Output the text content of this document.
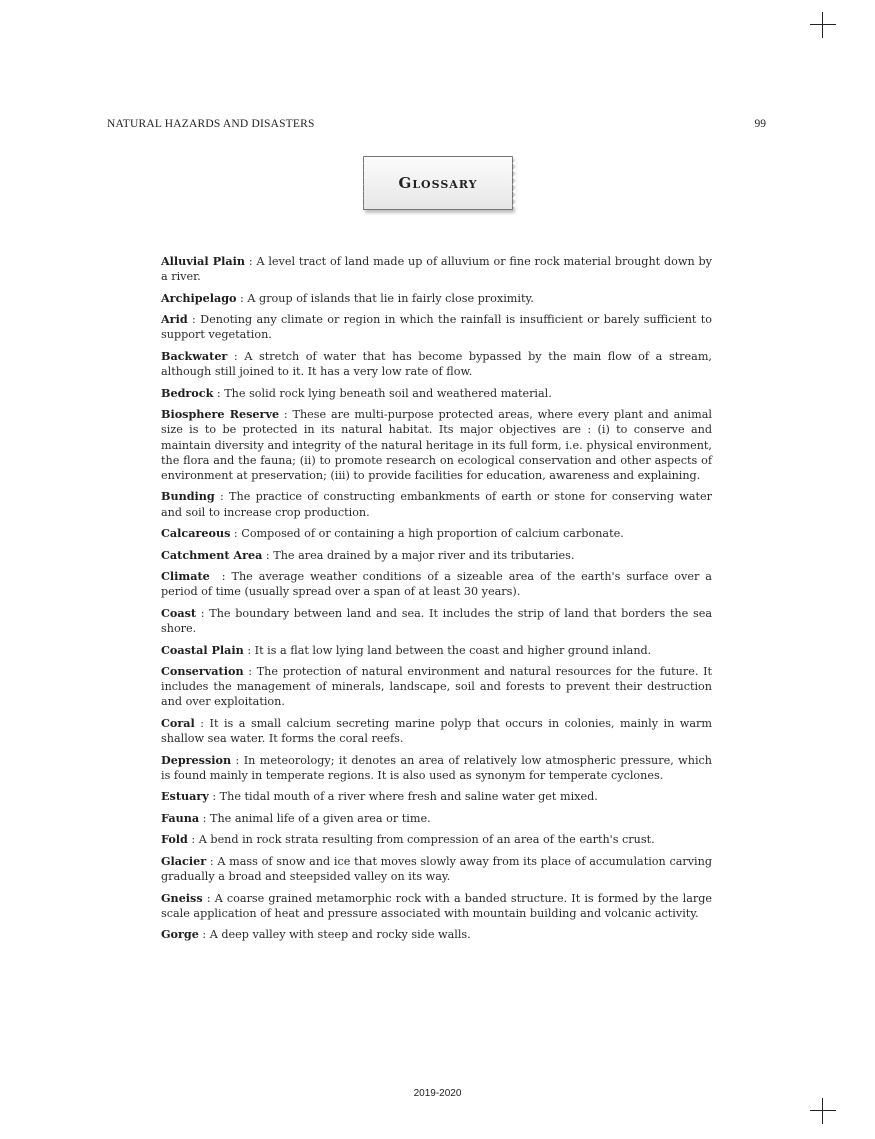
NATURAL HAZARDS AND DISASTERS	99
Glossary

Alluvial Plain : A level tract of land made up of alluvium or fine rock material brought down by a river.

Archipelago : A group of islands that lie in fairly close proximity.

Arid : Denoting any climate or region in which the rainfall is insufficient or barely sufficient to support vegetation.

Backwater : A stretch of water that has become bypassed by the main flow of a stream, although still joined to it. It has a very low rate of flow.

Bedrock : The solid rock lying beneath soil and weathered material.

Biosphere Reserve : These are multi-purpose protected areas, where every plant and animal size is to be protected in its natural habitat. Its major objectives are : (i) to conserve and maintain diversity and integrity of the natural heritage in its full form, i.e. physical environment, the flora and the fauna; (ii) to promote research on ecological conservation and other aspects of environment at preservation; (iii) to provide facilities for education, awareness and explaining.

Bunding : The practice of constructing embankments of earth or stone for conserving water and soil to increase crop production.

Calcareous : Composed of or containing a high proportion of calcium carbonate.

Catchment Area : The area drained by a major river and its tributaries.

Climate  : The average weather conditions of a sizeable area of the earth's surface over a period of time (usually spread over a span of at least 30 years).

Coast : The boundary between land and sea. It includes the strip of land that borders the sea shore.

Coastal Plain : It is a flat low lying land between the coast and higher ground inland.

Conservation : The protection of natural environment and natural resources for the future. It includes the management of minerals, landscape, soil and forests to prevent their destruction and over exploitation.

Coral : It is a small calcium secreting marine polyp that occurs in colonies, mainly in warm shallow sea water. It forms the coral reefs.

Depression : In meteorology; it denotes an area of relatively low atmospheric pressure, which is found mainly in temperate regions. It is also used as synonym for temperate cyclones.

Estuary : The tidal mouth of a river where fresh and saline water get mixed.

Fauna : The animal life of a given area or time.

Fold : A bend in rock strata resulting from compression of an area of the earth's crust.

Glacier : A mass of snow and ice that moves slowly away from its place of accumulation carving gradually a broad and steepsided valley on its way.

Gneiss : A coarse grained metamorphic rock with a banded structure. It is formed by the large scale application of heat and pressure associated with mountain building and volcanic activity.

Gorge : A deep valley with steep and rocky side walls.

2019-2020
